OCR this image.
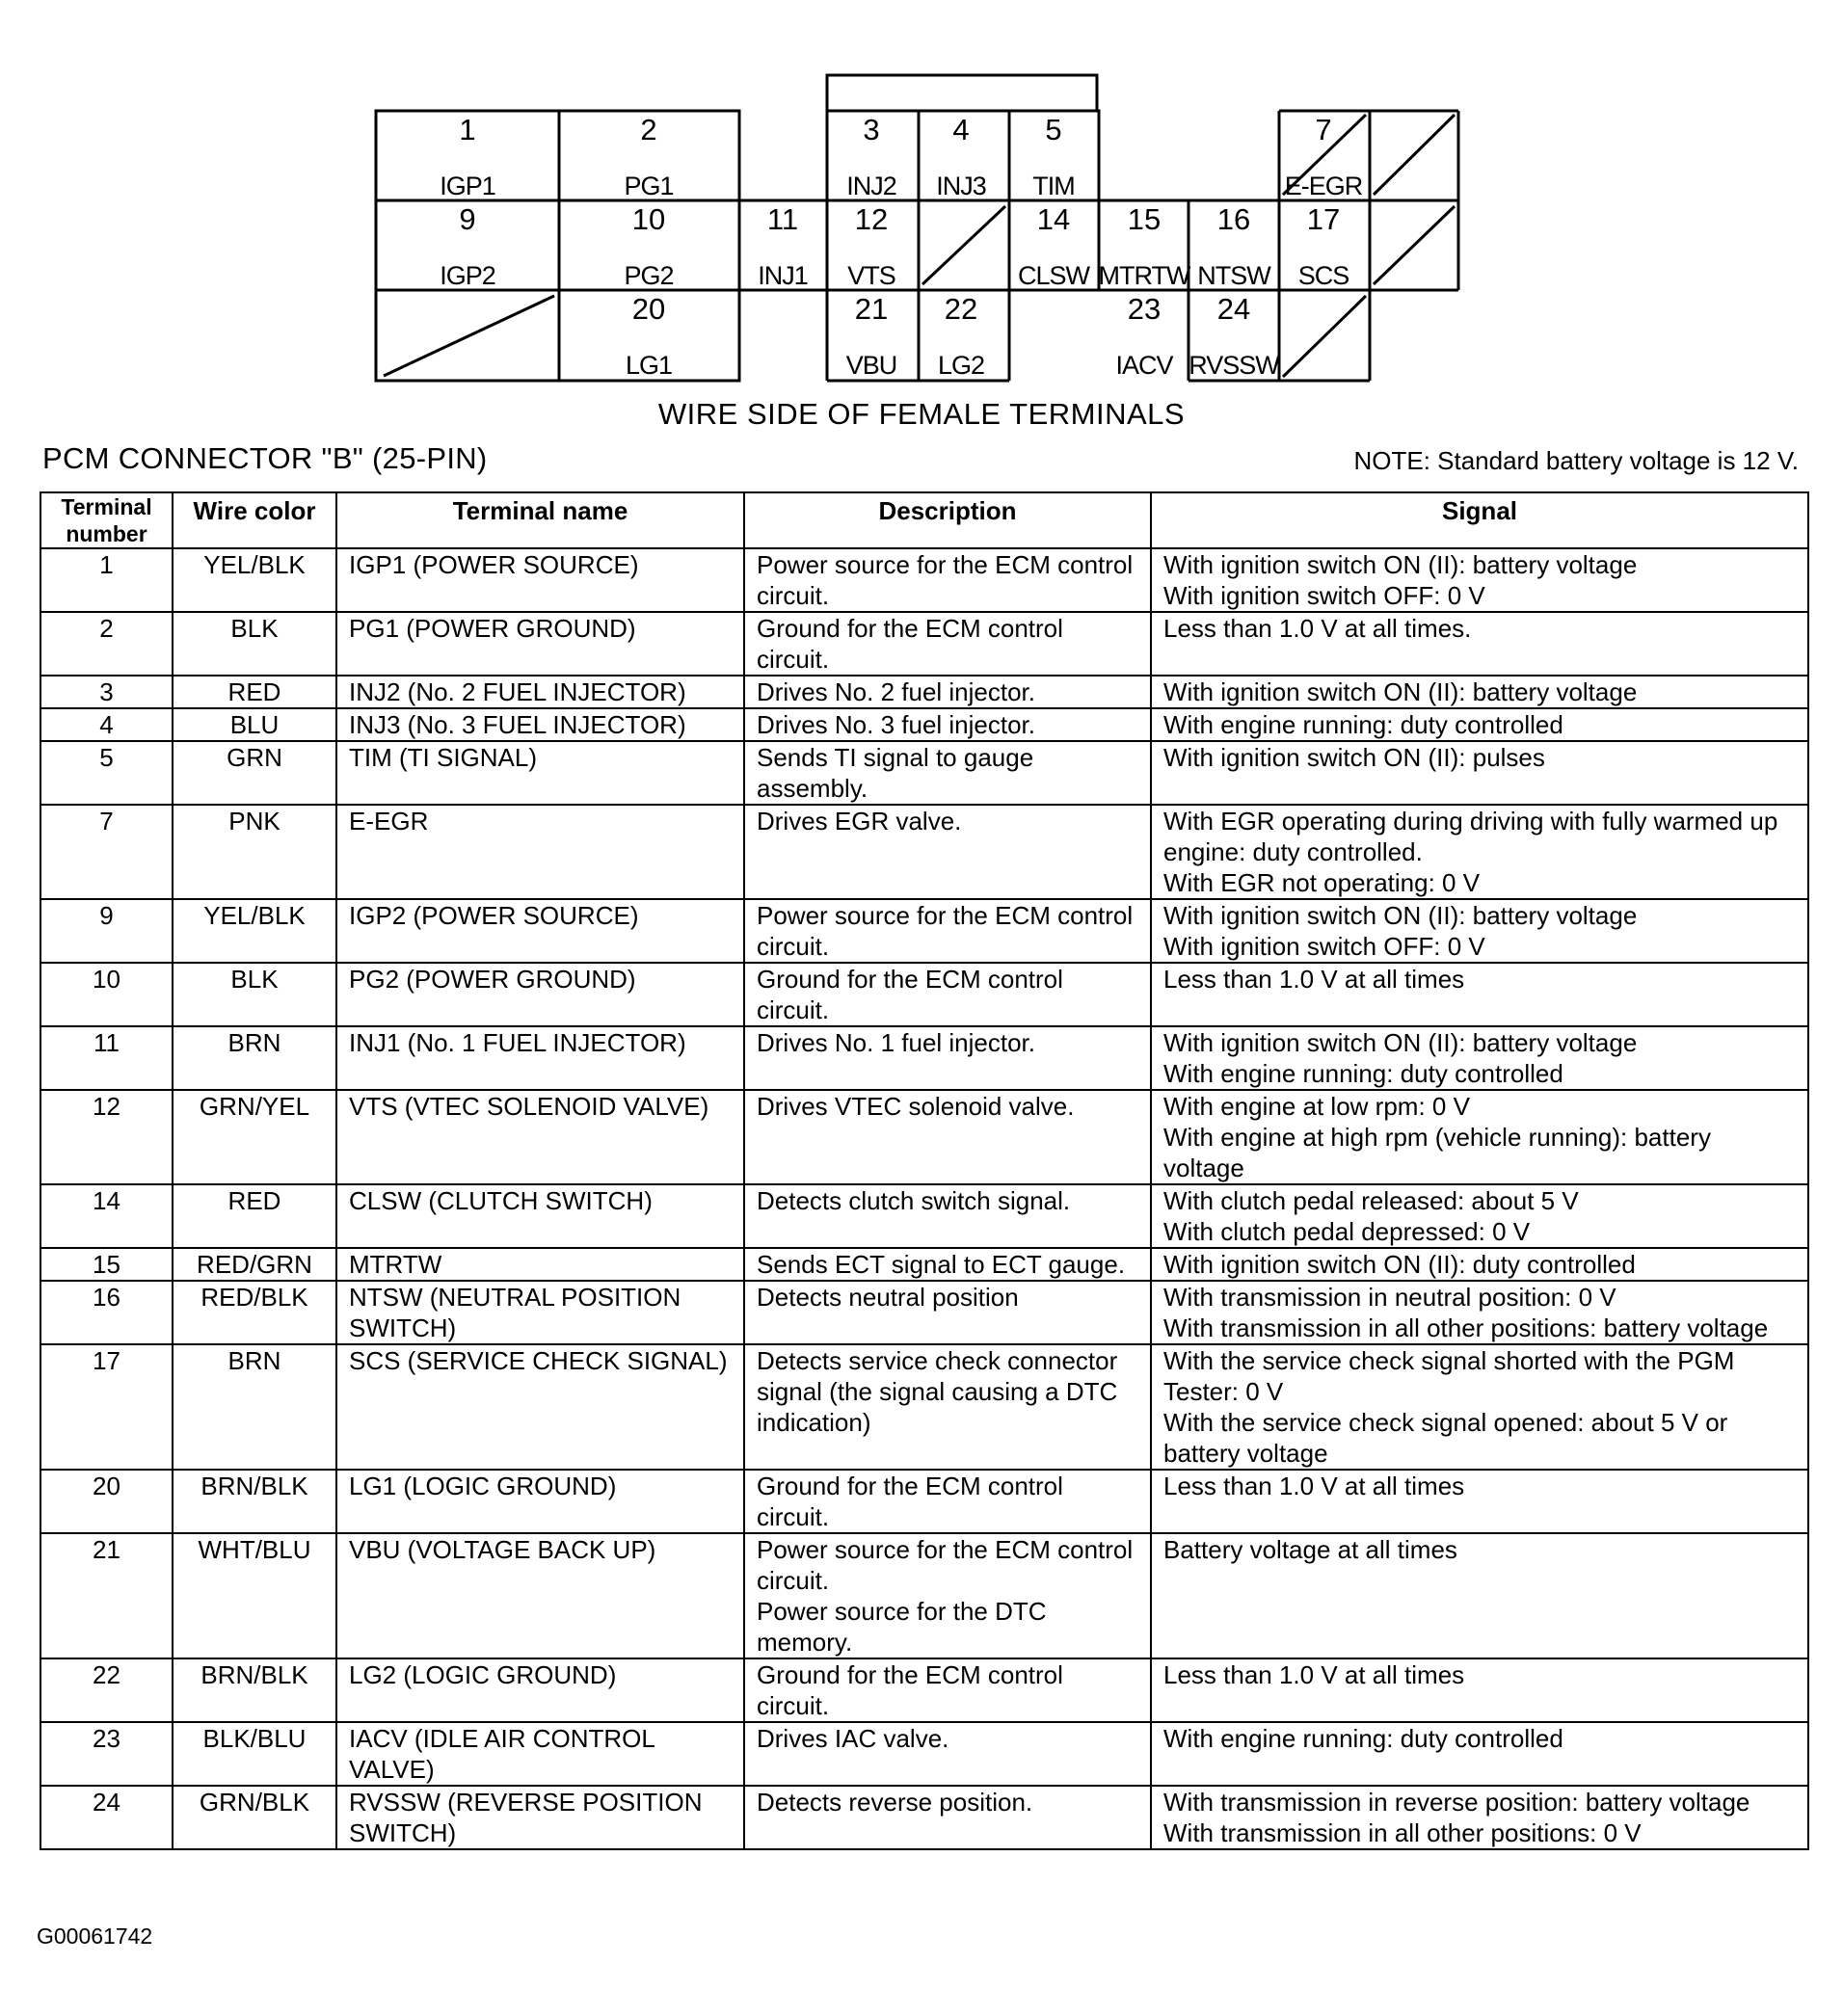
1
IGP1
2
PG1
3
INJ2
4
INJ3
5
TIM
7
E-EGR
9
IGP2
10
PG2
11
INJ1
12
VTS
14
CLSW
15
MTRTW
16
NTSW
17
SCS
20
LG1
21
VBU
22
LG2
23
IACV
24
RVSSW
WIRE SIDE OF FEMALE TERMINALS
PCM CONNECTOR "B" (25-PIN)	NOTE: Standard battery voltage is 12 V.
Terminal
number	Wire color	Terminal name	Description	Signal
1	YEL/BLK	IGP1 (POWER SOURCE)	Power source for the ECM control circuit.	With ignition switch ON (II): battery voltage
With ignition switch OFF: 0 V
2	BLK	PG1 (POWER GROUND)	Ground for the ECM control circuit.	Less than 1.0 V at all times.
3	RED	INJ2 (No. 2 FUEL INJECTOR)	Drives No. 2 fuel injector.	With ignition switch ON (II): battery voltage
4	BLU	INJ3 (No. 3 FUEL INJECTOR)	Drives No. 3 fuel injector.	With engine running: duty controlled
5	GRN	TIM (TI SIGNAL)	Sends TI signal to gauge assembly.	With ignition switch ON (II): pulses
7	PNK	E-EGR	Drives EGR valve.	With EGR operating during driving with fully warmed up engine: duty controlled.
With EGR not operating: 0 V
9	YEL/BLK	IGP2 (POWER SOURCE)	Power source for the ECM control circuit.	With ignition switch ON (II): battery voltage
With ignition switch OFF: 0 V
10	BLK	PG2 (POWER GROUND)	Ground for the ECM control circuit.	Less than 1.0 V at all times
11	BRN	INJ1 (No. 1 FUEL INJECTOR)	Drives No. 1 fuel injector.	With ignition switch ON (II): battery voltage
With engine running: duty controlled
12	GRN/YEL	VTS (VTEC SOLENOID VALVE)	Drives VTEC solenoid valve.	With engine at low rpm: 0 V
With engine at high rpm (vehicle running): battery voltage
14	RED	CLSW (CLUTCH SWITCH)	Detects clutch switch signal.	With clutch pedal released: about 5 V
With clutch pedal depressed: 0 V
15	RED/GRN	MTRTW	Sends ECT signal to ECT gauge.	With ignition switch ON (II): duty controlled
16	RED/BLK	NTSW (NEUTRAL POSITION SWITCH)	Detects neutral position	With transmission in neutral position: 0 V
With transmission in all other positions: battery voltage
17	BRN	SCS (SERVICE CHECK SIGNAL)	Detects service check connector signal (the signal causing a DTC indication)	With the service check signal shorted with the PGM Tester: 0 V
With the service check signal opened: about 5 V or battery voltage
20	BRN/BLK	LG1 (LOGIC GROUND)	Ground for the ECM control circuit.	Less than 1.0 V at all times
21	WHT/BLU	VBU (VOLTAGE BACK UP)	Power source for the ECM control circuit.
Power source for the DTC memory.	Battery voltage at all times
22	BRN/BLK	LG2 (LOGIC GROUND)	Ground for the ECM control circuit.	Less than 1.0 V at all times
23	BLK/BLU	IACV (IDLE AIR CONTROL VALVE)	Drives IAC valve.	With engine running: duty controlled
24	GRN/BLK	RVSSW (REVERSE POSITION SWITCH)	Detects reverse position.	With transmission in reverse position: battery voltage
With transmission in all other positions: 0 V
G00061742
